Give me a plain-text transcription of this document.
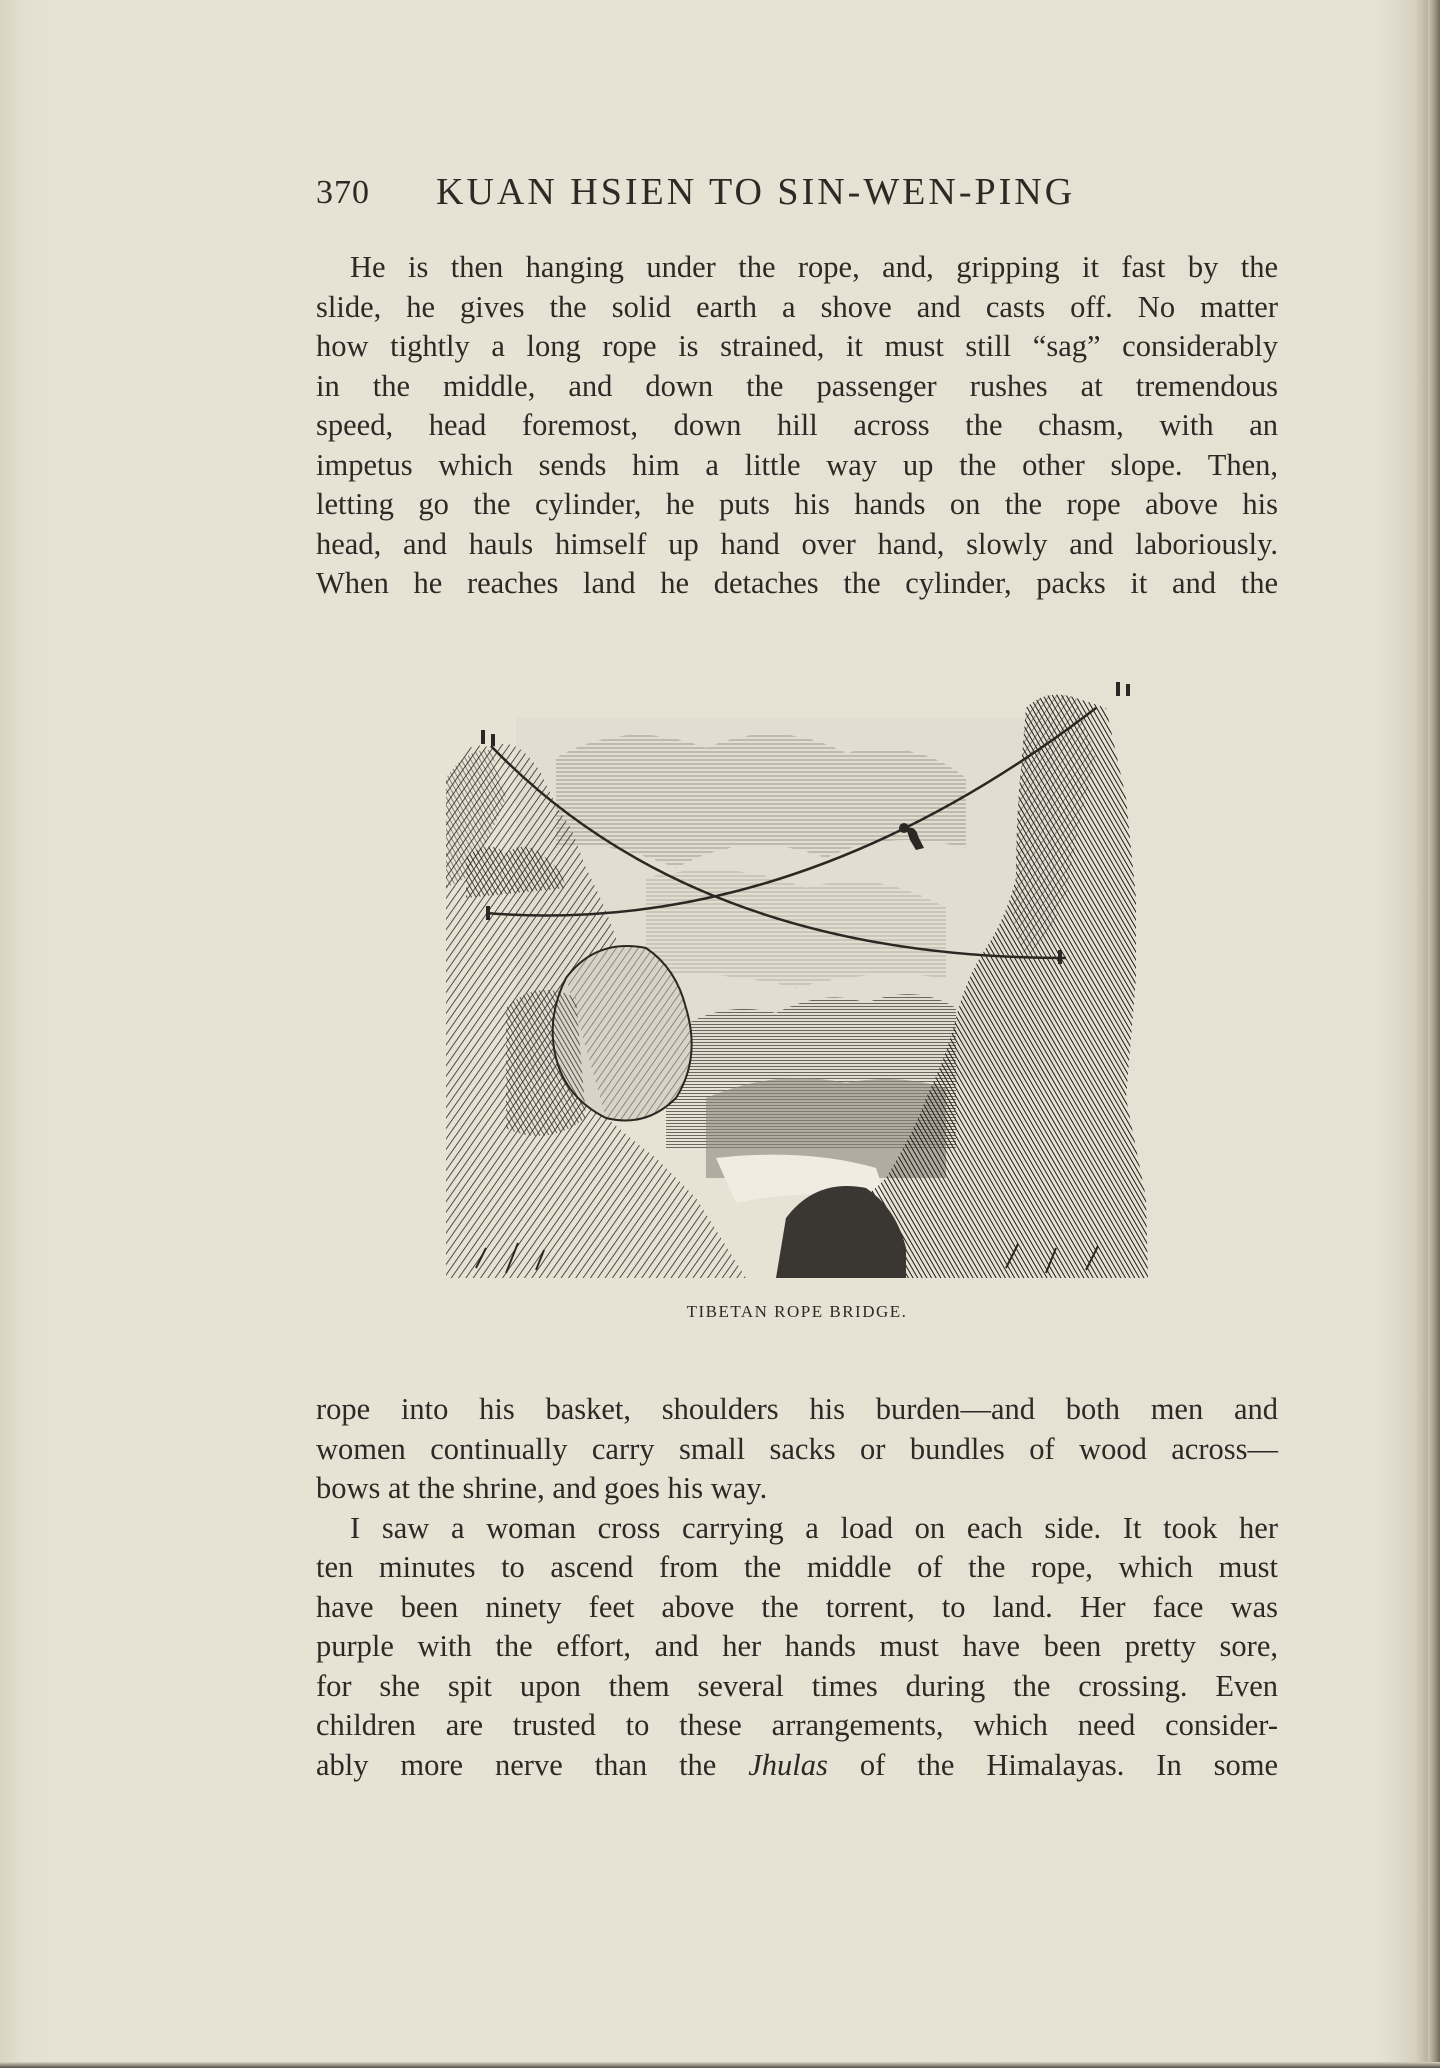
370 KUAN HSIEN TO SIN-WEN-PING
He is then hanging under the rope, and, gripping it fast by the
slide, he gives the solid earth a shove and casts off. No matter
how tightly a long rope is strained, it must still “sag” considerably
in the middle, and down the passenger rushes at tremendous
speed, head foremost, down hill across the chasm, with an
impetus which sends him a little way up the other slope. Then,
letting go the cylinder, he puts his hands on the rope above his
head, and hauls himself up hand over hand, slowly and laboriously.
When he reaches land he detaches the cylinder, packs it and the
TIBETAN ROPE BRIDGE.
rope into his basket, shoulders his burden—and both men and
women continually carry small sacks or bundles of wood across—
bows at the shrine, and goes his way.
I saw a woman cross carrying a load on each side. It took her
ten minutes to ascend from the middle of the rope, which must
have been ninety feet above the torrent, to land. Her face was
purple with the effort, and her hands must have been pretty sore,
for she spit upon them several times during the crossing. Even
children are trusted to these arrangements, which need consider-
ably more nerve than the Jhulas of the Himalayas. In some
